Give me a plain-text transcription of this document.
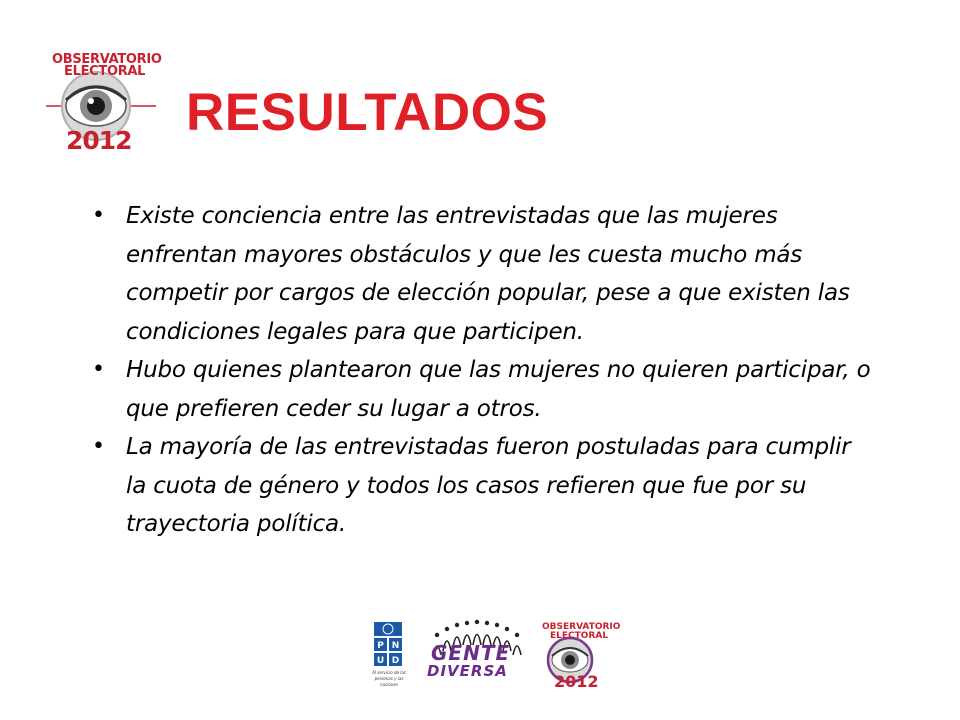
OBSERVATORIO
ELECTORAL
2012 RESULTADOS
• Existe conciencia entre las entrevistadas que las mujeres enfrentan mayores obstáculos y que les cuesta mucho más competir por cargos de elección popular, pese a que existen las condiciones legales para que participen.
• Hubo quienes plantearon que las mujeres no quieren participar, o que prefieren ceder su lugar a otros.
• La mayoría de las entrevistadas fueron postuladas para cumplir la cuota de género y todos los casos refieren que fue por su trayectoria política.
P N
U D
Al servicio de las personas y las naciones
GENTE
DIVERSA
OBSERVATORIO
ELECTORAL
2012
